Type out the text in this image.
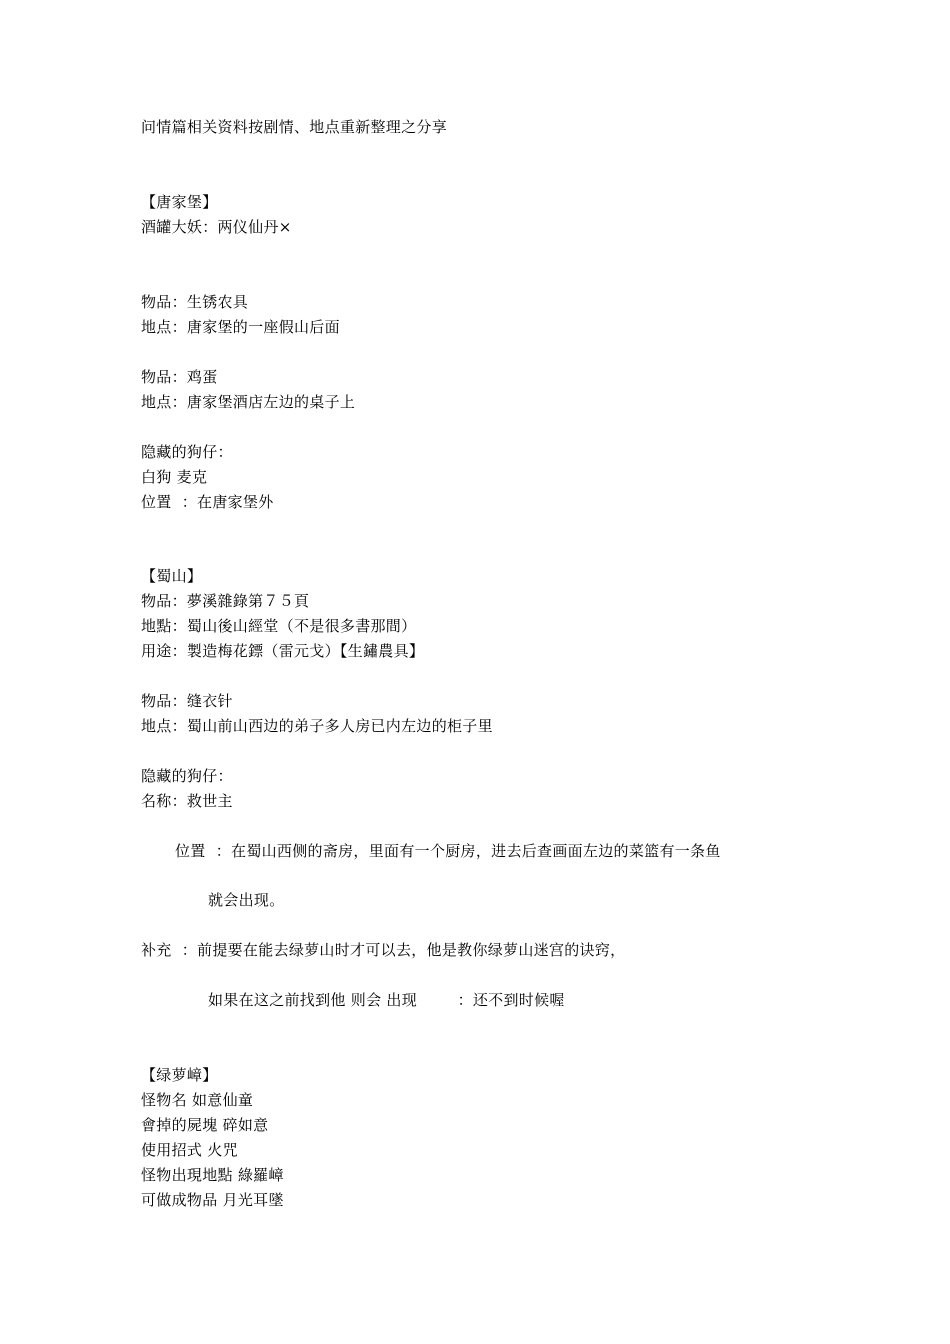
问情篇相关资料按剧情、地点重新整理之分享
【唐家堡】
酒罐大妖：两仪仙丹×
物品：生锈农具
地点：唐家堡的一座假山后面
物品：鸡蛋
地点：唐家堡酒店左边的桌子上
隐藏的狗仔：
白狗 麦克
位置  ：在唐家堡外
【蜀山】
物品：夢溪雜錄第７５頁
地點：蜀山後山經堂（不是很多書那間）
用途：製造梅花鏢（雷元戈）【生鏽農具】
物品：缝衣针
地点：蜀山前山西边的弟子多人房已内左边的柜子里
隐藏的狗仔：
名称：救世主
位置  ：在蜀山西侧的斋房，里面有一个厨房，进去后查画面左边的菜篮有一条鱼
就会出现。
补充  ：前提要在能去绿萝山时才可以去，他是教你绿萝山迷宫的诀窍，
如果在这之前找到他 则会 出现        ：还不到时候喔
【绿萝嶂】
怪物名 如意仙童
會掉的屍塊 碎如意
使用招式 火咒
怪物出現地點 綠羅嶂
可做成物品 月光耳墜
